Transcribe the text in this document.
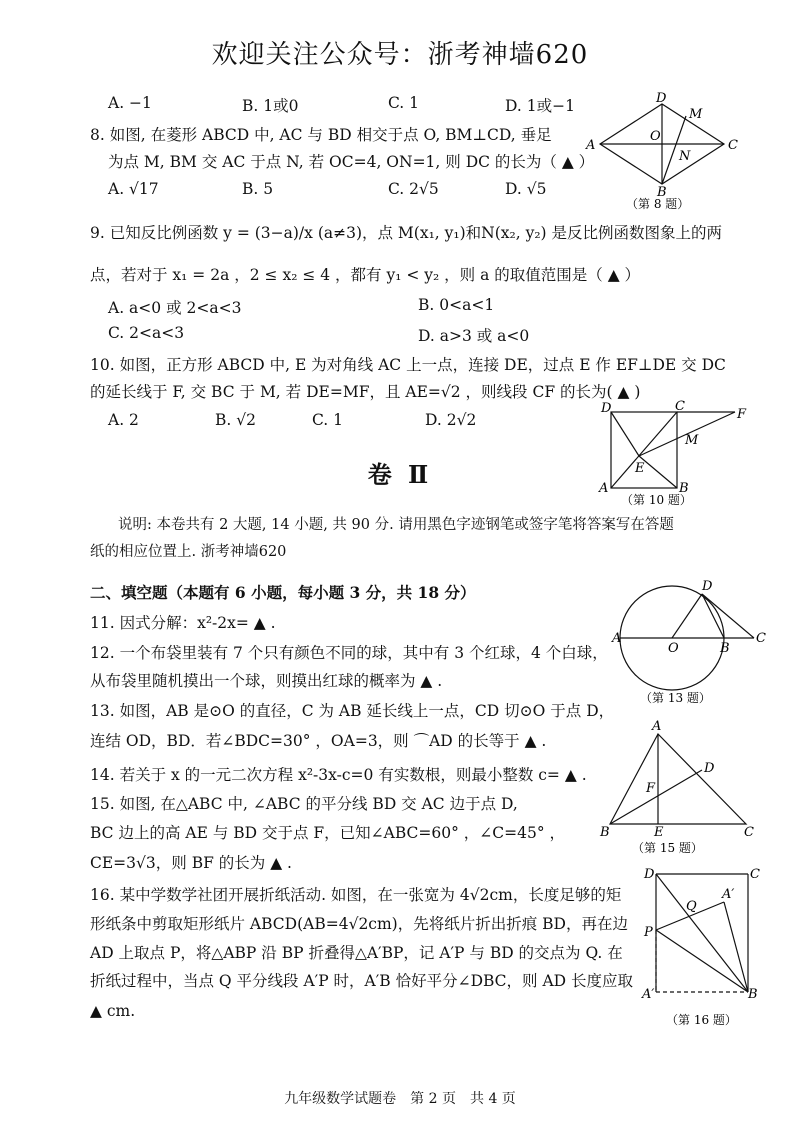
欢迎关注公众号：浙考神墙620
A. −1	B. 1或0	C. 1	D. 1或−1
8. 如图, 在菱形 ABCD 中, AC 与 BD 相交于点 O, BM⊥CD, 垂足
为点 M, BM 交 AC 于点 N, 若 OC=4, ON=1, 则 DC 的长为（ ▲ ）
A. √17	B. 5	C. 2√5	D. √5
A
D
C
B
O
M
N
（第 8 题）
9. 已知反比例函数 y = (3−a)/x (a≠3)，点 M(x₁, y₁)和N(x₂, y₂) 是反比例函数图象上的两
点，若对于 x₁ = 2a ，2 ≤ x₂ ≤ 4 ，都有 y₁ < y₂ ，则 a 的取值范围是（ ▲ ）
A. a<0 或 2<a<3	B. 0<a<1
C. 2<a<3	D. a>3 或 a<0
10. 如图，正方形 ABCD 中, E 为对角线 AC 上一点，连接 DE，过点 E 作 EF⊥DE 交 DC
的延长线于 F, 交 BC 于 M, 若 DE=MF，且 AE=√2 ，则线段 CF 的长为( ▲ )
A. 2	B. √2	C. 1	D. 2√2
D	C
F
M
E
A	B
（第 10 题）
卷 Ⅱ
说明: 本卷共有 2 大题, 14 小题, 共 90 分. 请用黑色字迹钢笔或签字笔将答案写在答题
纸的相应位置上. 浙考神墙620
二、填空题（本题有 6 小题，每小题 3 分，共 18 分）
11. 因式分解：x²-2x= ▲ .
12. 一个布袋里装有 7 个只有颜色不同的球，其中有 3 个红球，4 个白球，
从布袋里随机摸出一个球，则摸出红球的概率为 ▲ .
13. 如图，AB 是⊙O 的直径，C 为 AB 延长线上一点，CD 切⊙O 于点 D，
连结 OD，BD．若∠BDC=30° ，OA=3，则 ⌒AD 的长等于 ▲ .
A
O	B
C
D
（第 13 题）
14. 若关于 x 的一元二次方程 x²-3x-c=0 有实数根，则最小整数 c= ▲ .
15. 如图, 在△ABC 中, ∠ABC 的平分线 BD 交 AC 边于点 D,
BC 边上的高 AE 与 BD 交于点 F，已知∠ABC=60° ，∠C=45° ，
CE=3√3，则 BF 的长为 ▲ .
A
B	C
D
E
F
（第 15 题）
16. 某中学数学社团开展折纸活动. 如图，在一张宽为 4√2cm，长度足够的矩
形纸条中剪取矩形纸片 ABCD(AB=4√2cm)，先将纸片折出折痕 BD，再在边
AD 上取点 P，将△ABP 沿 BP 折叠得△A′BP，记 A′P 与 BD 的交点为 Q. 在
折纸过程中，当点 Q 平分线段 A′P 时，A′B 恰好平分∠DBC，则 AD 长度应取
▲ cm.
D	C
P
Q
A′
A′	B
（第 16 题）
九年级数学试题卷　第 2 页　共 4 页
